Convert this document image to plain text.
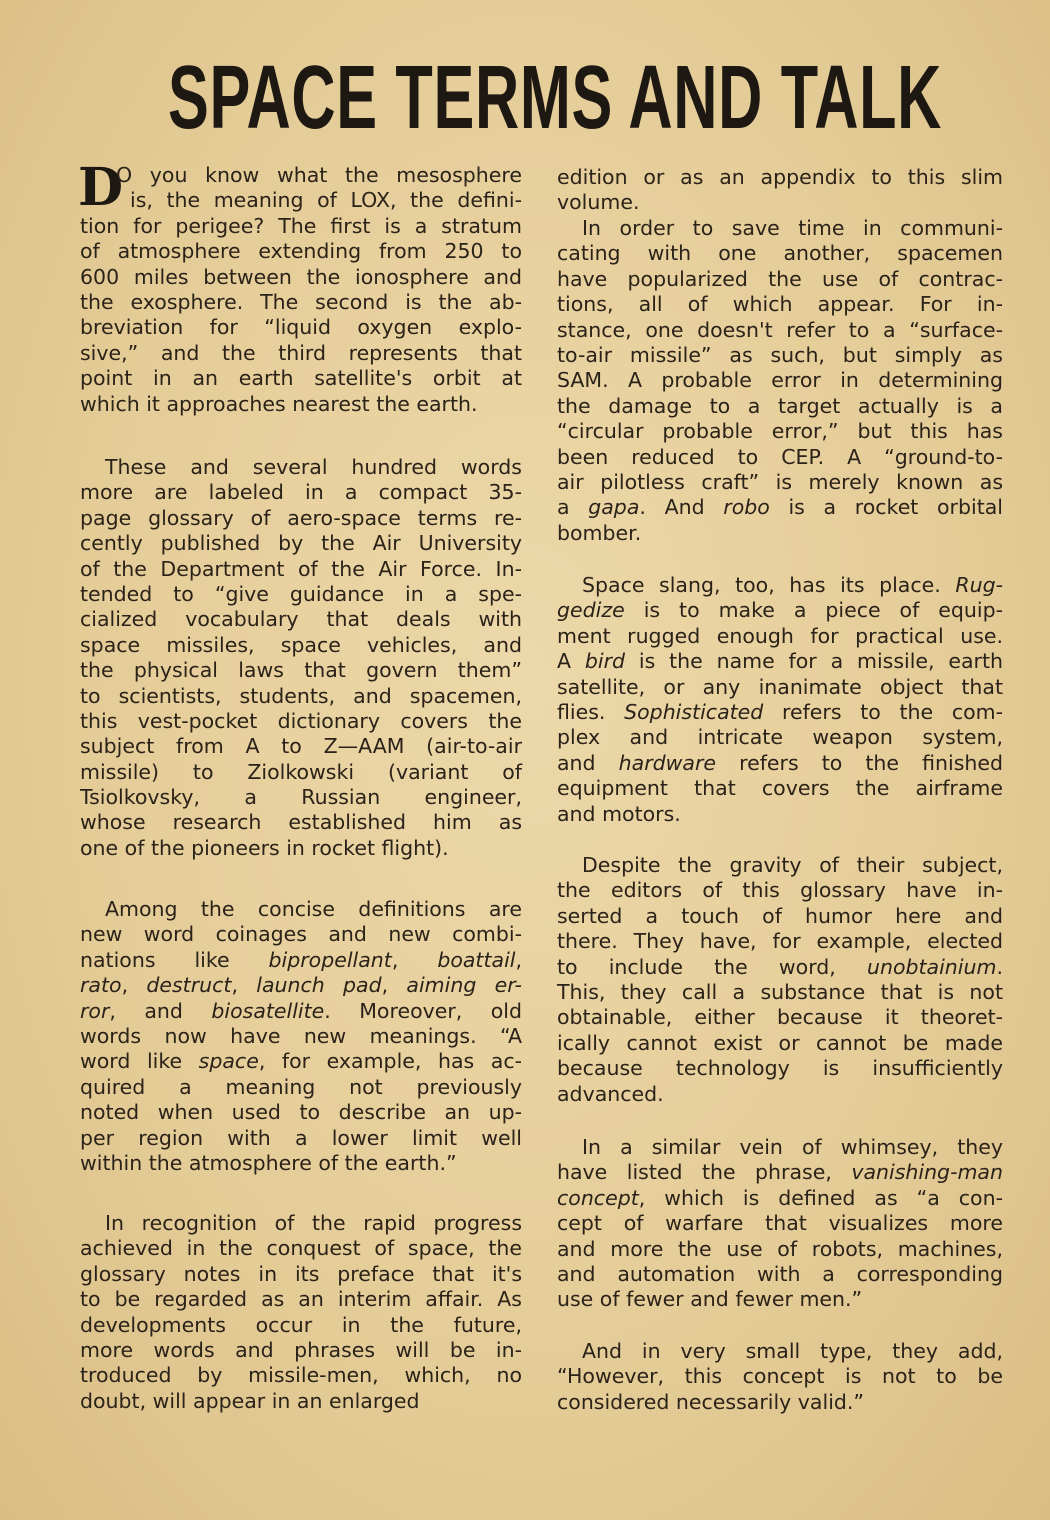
SPACE TERMS AND TALK
D
O you know what the mesosphere
is, the meaning of LOX, the defini-
tion for perigee? The first is a stratum
of atmosphere extending from 250 to
600 miles between the ionosphere and
the exosphere. The second is the ab-
breviation for “liquid oxygen explo-
sive,” and the third represents that
point in an earth satellite's orbit at
which it approaches nearest the earth.
These and several hundred words
more are labeled in a compact 35-
page glossary of aero-space terms re-
cently published by the Air University
of the Department of the Air Force. In-
tended to “give guidance in a spe-
cialized vocabulary that deals with
space missiles, space vehicles, and
the physical laws that govern them”
to scientists, students, and spacemen,
this vest-pocket dictionary covers the
subject from A to Z—AAM (air-to-air
missile) to Ziolkowski (variant of
Tsiolkovsky, a Russian engineer,
whose research established him as
one of the pioneers in rocket flight).
Among the concise definitions are
new word coinages and new combi-
nations like bipropellant, boattail,
rato, destruct, launch pad, aiming er-
ror, and biosatellite. Moreover, old
words now have new meanings. “A
word like space, for example, has ac-
quired a meaning not previously
noted when used to describe an up-
per region with a lower limit well
within the atmosphere of the earth.”
In recognition of the rapid progress
achieved in the conquest of space, the
glossary notes in its preface that it's
to be regarded as an interim affair. As
developments occur in the future,
more words and phrases will be in-
troduced by missile-men, which, no
doubt, will appear in an enlarged
edition or as an appendix to this slim
volume.
In order to save time in communi-
cating with one another, spacemen
have popularized the use of contrac-
tions, all of which appear. For in-
stance, one doesn't refer to a “surface-
to-air missile” as such, but simply as
SAM. A probable error in determining
the damage to a target actually is a
“circular probable error,” but this has
been reduced to CEP. A “ground-to-
air pilotless craft” is merely known as
a gapa. And robo is a rocket orbital
bomber.
Space slang, too, has its place. Rug-
gedize is to make a piece of equip-
ment rugged enough for practical use.
A bird is the name for a missile, earth
satellite, or any inanimate object that
flies. Sophisticated refers to the com-
plex and intricate weapon system,
and hardware refers to the finished
equipment that covers the airframe
and motors.
Despite the gravity of their subject,
the editors of this glossary have in-
serted a touch of humor here and
there. They have, for example, elected
to include the word, unobtainium.
This, they call a substance that is not
obtainable, either because it theoret-
ically cannot exist or cannot be made
because technology is insufficiently
advanced.
In a similar vein of whimsey, they
have listed the phrase, vanishing-man
concept, which is defined as “a con-
cept of warfare that visualizes more
and more the use of robots, machines,
and automation with a corresponding
use of fewer and fewer men.”
And in very small type, they add,
“However, this concept is not to be
considered necessarily valid.”
